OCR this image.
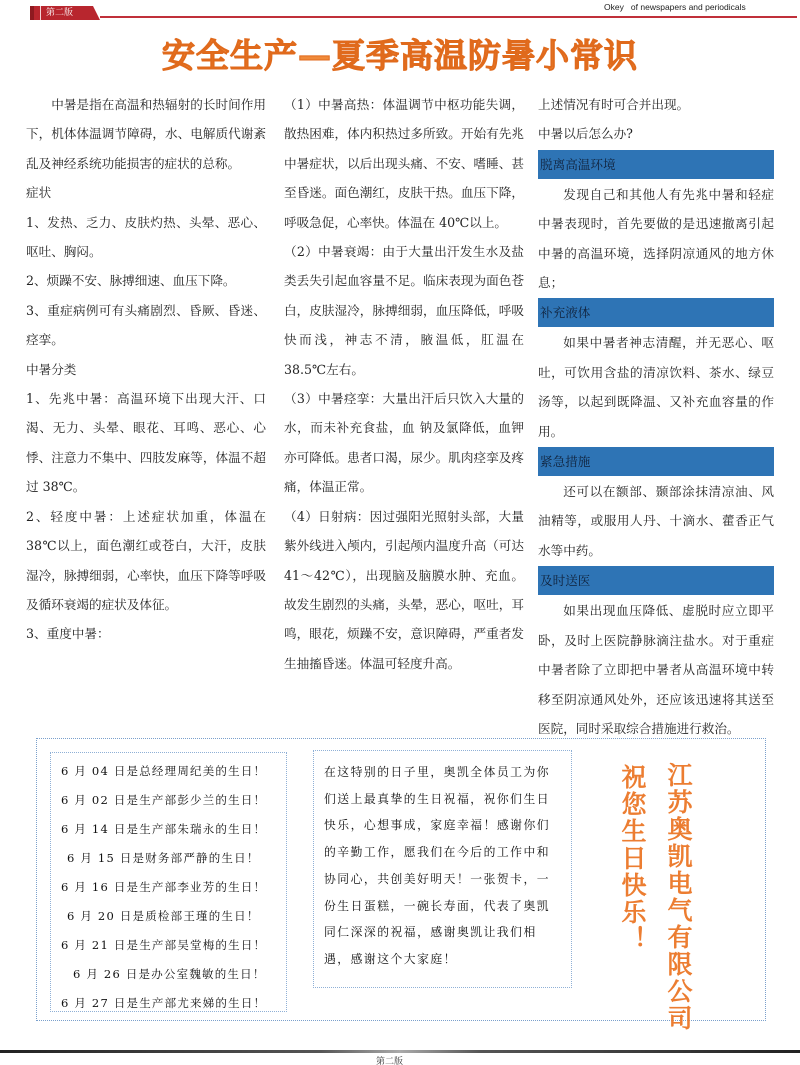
第二版
Okey   of newspapers and periodicals
安全生产—夏季高温防暑小常识

中暑是指在高温和热辐射的长时间作用下，机体体温调节障碍，水、电解质代谢紊乱及神经系统功能损害的症状的总称。

症状

1、发热、乏力、皮肤灼热、头晕、恶心、呕吐、胸闷。

2、烦躁不安、脉搏细速、血压下降。

3、重症病例可有头痛剧烈、昏厥、昏迷、痉挛。

中暑分类

1、先兆中暑：高温环境下出现大汗、口渴、无力、头晕、眼花、耳鸣、恶心、心悸、注意力不集中、四肢发麻等，体温不超过 38℃。

2、轻度中暑：上述症状加重，体温在 38℃以上，面色潮红或苍白，大汗，皮肤湿冷，脉搏细弱，心率快，血压下降等呼吸及循环衰竭的症状及体征。

3、重度中暑：

（1）中暑高热：体温调节中枢功能失调，散热困难，体内积热过多所致。开始有先兆中暑症状，以后出现头痛、不安、嗜睡、甚至昏迷。面色潮红，皮肤干热。血压下降，呼吸急促，心率快。体温在 40℃以上。

（2）中暑衰竭：由于大量出汗发生水及盐类丢失引起血容量不足。临床表现为面色苍白，皮肤湿冷，脉搏细弱，血压降低，呼吸快而浅，神志不清，腋温低，肛温在 38.5℃左右。

（3）中暑痉挛：大量出汗后只饮入大量的水，而未补充食盐，血 钠及氯降低，血钾亦可降低。患者口渴，尿少。肌肉痉挛及疼痛，体温正常。

（4）日射病：因过强阳光照射头部，大量紫外线进入颅内，引起颅内温度升高（可达 41～42℃），出现脑及脑膜水肿、充血。故发生剧烈的头痛，头晕，恶心，呕吐，耳鸣，眼花，烦躁不安，意识障碍，严重者发生抽搐昏迷。体温可轻度升高。

上述情况有时可合并出现。

中暑以后怎么办?

脱离高温环境

发现自己和其他人有先兆中暑和轻症中暑表现时，首先要做的是迅速撤离引起中暑的高温环境，选择阴凉通风的地方休息；

补充液体

如果中暑者神志清醒，并无恶心、呕吐，可饮用含盐的清凉饮料、茶水、绿豆汤等，以起到既降温、又补充血容量的作用。

紧急措施

还可以在额部、颞部涂抹清凉油、风油精等，或服用人丹、十滴水、藿香正气水等中药。

及时送医

如果出现血压降低、虚脱时应立即平卧，及时上医院静脉滴注盐水。对于重症中暑者除了立即把中暑者从高温环境中转移至阴凉通风处外，还应该迅速将其送至医院，同时采取综合措施进行救治。

6 月 04 日是总经理周纪美的生日！
6 月 02 日是生产部彭少兰的生日！
6 月 14 日是生产部朱瑞永的生日！
6 月 15 日是财务部严静的生日！
6 月 16 日是生产部李业芳的生日！
6 月 20 日是质检部王瑾的生日！
6 月 21 日是生产部吴堂梅的生日！
6 月 26 日是办公室魏敏的生日！
6 月 27 日是生产部尤来娣的生日！

在这特别的日子里，奥凯全体员工为你们送上最真挚的生日祝福，祝你们生日快乐，心想事成，家庭幸福！感谢你们的辛勤工作，愿我们在今后的工作中和协同心，共创美好明天！一张贺卡，一份生日蛋糕，一碗长寿面，代表了奥凯同仁深深的祝福，感谢奥凯让我们相遇，感谢这个大家庭！	江苏奥凯电气有限公司
祝您生日快乐！
第二版
